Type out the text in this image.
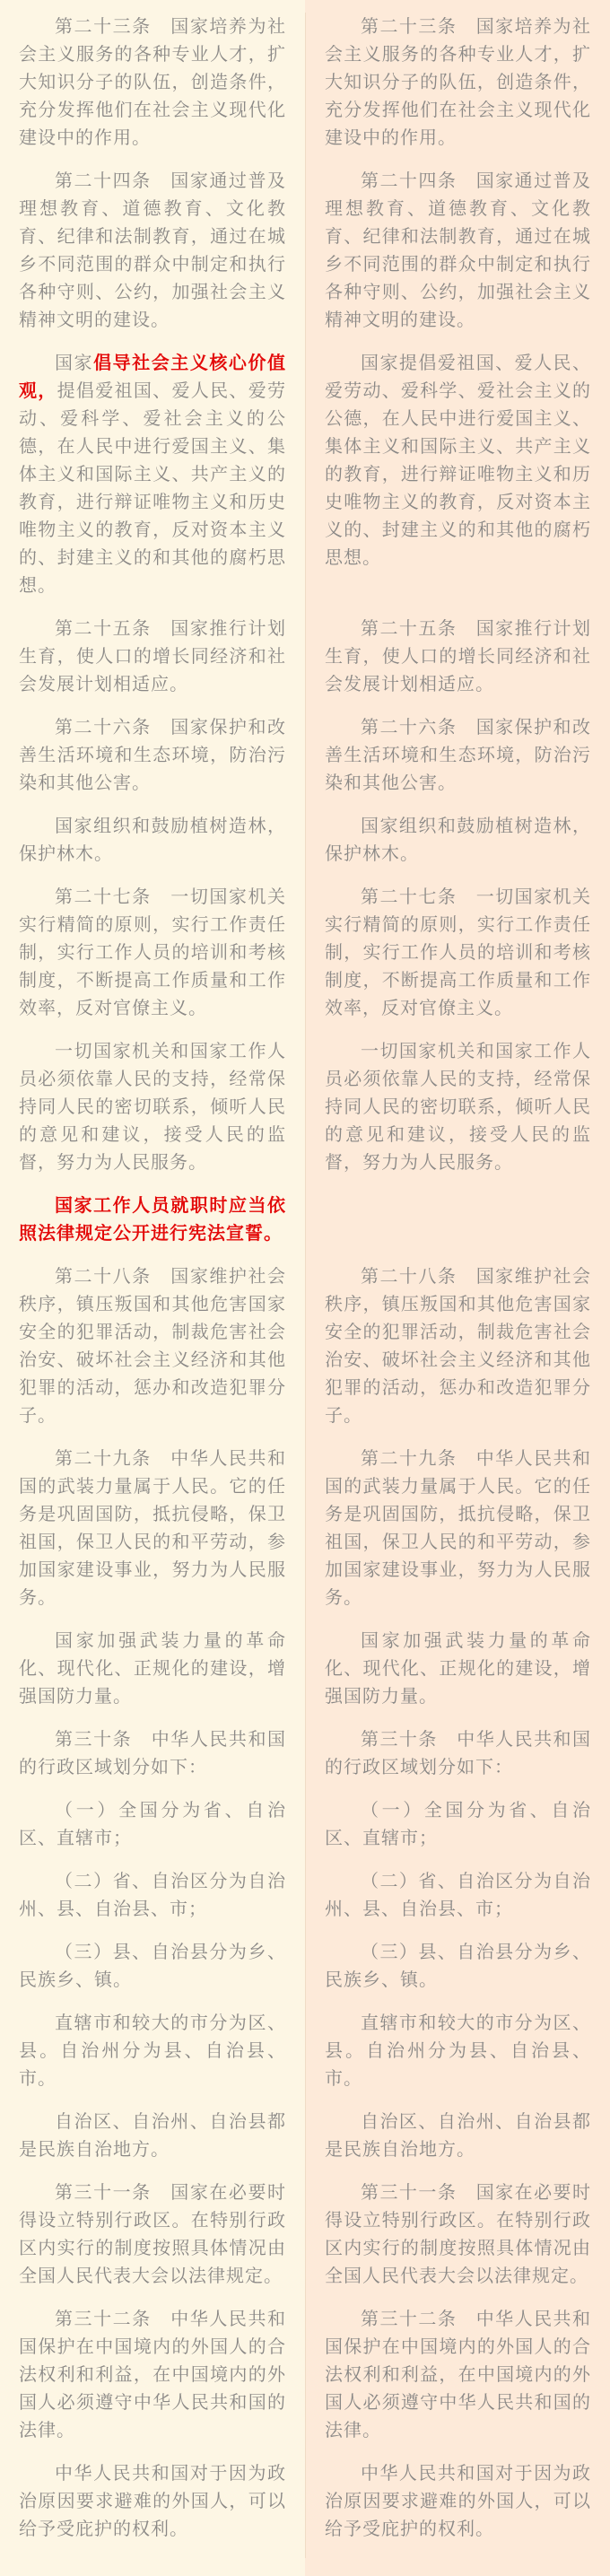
第二十三条　国家培养为社会主义服务的各种专业人才，扩大知识分子的队伍，创造条件，充分发挥他们在社会主义现代化建设中的作用。

第二十三条　国家培养为社会主义服务的各种专业人才，扩大知识分子的队伍，创造条件，充分发挥他们在社会主义现代化建设中的作用。

第二十四条　国家通过普及理想教育、道德教育、文化教育、纪律和法制教育，通过在城乡不同范围的群众中制定和执行各种守则、公约，加强社会主义精神文明的建设。

第二十四条　国家通过普及理想教育、道德教育、文化教育、纪律和法制教育，通过在城乡不同范围的群众中制定和执行各种守则、公约，加强社会主义精神文明的建设。

国家倡导社会主义核心价值观，提倡爱祖国、爱人民、爱劳动、爱科学、爱社会主义的公德，在人民中进行爱国主义、集体主义和国际主义、共产主义的教育，进行辩证唯物主义和历史唯物主义的教育，反对资本主义的、封建主义的和其他的腐朽思想。

国家提倡爱祖国、爱人民、爱劳动、爱科学、爱社会主义的公德，在人民中进行爱国主义、集体主义和国际主义、共产主义的教育，进行辩证唯物主义和历史唯物主义的教育，反对资本主义的、封建主义的和其他的腐朽思想。

第二十五条　国家推行计划生育，使人口的增长同经济和社会发展计划相适应。

第二十五条　国家推行计划生育，使人口的增长同经济和社会发展计划相适应。

第二十六条　国家保护和改善生活环境和生态环境，防治污染和其他公害。

第二十六条　国家保护和改善生活环境和生态环境，防治污染和其他公害。

国家组织和鼓励植树造林，保护林木。

国家组织和鼓励植树造林，保护林木。

第二十七条　一切国家机关实行精简的原则，实行工作责任制，实行工作人员的培训和考核制度，不断提高工作质量和工作效率，反对官僚主义。

第二十七条　一切国家机关实行精简的原则，实行工作责任制，实行工作人员的培训和考核制度，不断提高工作质量和工作效率，反对官僚主义。

一切国家机关和国家工作人员必须依靠人民的支持，经常保持同人民的密切联系，倾听人民的意见和建议，接受人民的监督，努力为人民服务。

一切国家机关和国家工作人员必须依靠人民的支持，经常保持同人民的密切联系，倾听人民的意见和建议，接受人民的监督，努力为人民服务。

国家工作人员就职时应当依照法律规定公开进行宪法宣誓。

第二十八条　国家维护社会秩序，镇压叛国和其他危害国家安全的犯罪活动，制裁危害社会治安、破坏社会主义经济和其他犯罪的活动，惩办和改造犯罪分子。

第二十八条　国家维护社会秩序，镇压叛国和其他危害国家安全的犯罪活动，制裁危害社会治安、破坏社会主义经济和其他犯罪的活动，惩办和改造犯罪分子。

第二十九条　中华人民共和国的武装力量属于人民。它的任务是巩固国防，抵抗侵略，保卫祖国，保卫人民的和平劳动，参加国家建设事业，努力为人民服务。

第二十九条　中华人民共和国的武装力量属于人民。它的任务是巩固国防，抵抗侵略，保卫祖国，保卫人民的和平劳动，参加国家建设事业，努力为人民服务。

国家加强武装力量的革命化、现代化、正规化的建设，增强国防力量。

国家加强武装力量的革命化、现代化、正规化的建设，增强国防力量。

第三十条　中华人民共和国的行政区域划分如下：

第三十条　中华人民共和国的行政区域划分如下：

（一）全国分为省、自治区、直辖市；

（一）全国分为省、自治区、直辖市；

（二）省、自治区分为自治州、县、自治县、市；

（二）省、自治区分为自治州、县、自治县、市；

（三）县、自治县分为乡、民族乡、镇。

（三）县、自治县分为乡、民族乡、镇。

直辖市和较大的市分为区、县。自治州分为县、自治县、市。

直辖市和较大的市分为区、县。自治州分为县、自治县、市。

自治区、自治州、自治县都是民族自治地方。

自治区、自治州、自治县都是民族自治地方。

第三十一条　国家在必要时得设立特别行政区。在特别行政区内实行的制度按照具体情况由全国人民代表大会以法律规定。

第三十一条　国家在必要时得设立特别行政区。在特别行政区内实行的制度按照具体情况由全国人民代表大会以法律规定。

第三十二条　中华人民共和国保护在中国境内的外国人的合法权利和利益，在中国境内的外国人必须遵守中华人民共和国的法律。

第三十二条　中华人民共和国保护在中国境内的外国人的合法权利和利益，在中国境内的外国人必须遵守中华人民共和国的法律。

中华人民共和国对于因为政治原因要求避难的外国人，可以给予受庇护的权利。

中华人民共和国对于因为政治原因要求避难的外国人，可以给予受庇护的权利。
